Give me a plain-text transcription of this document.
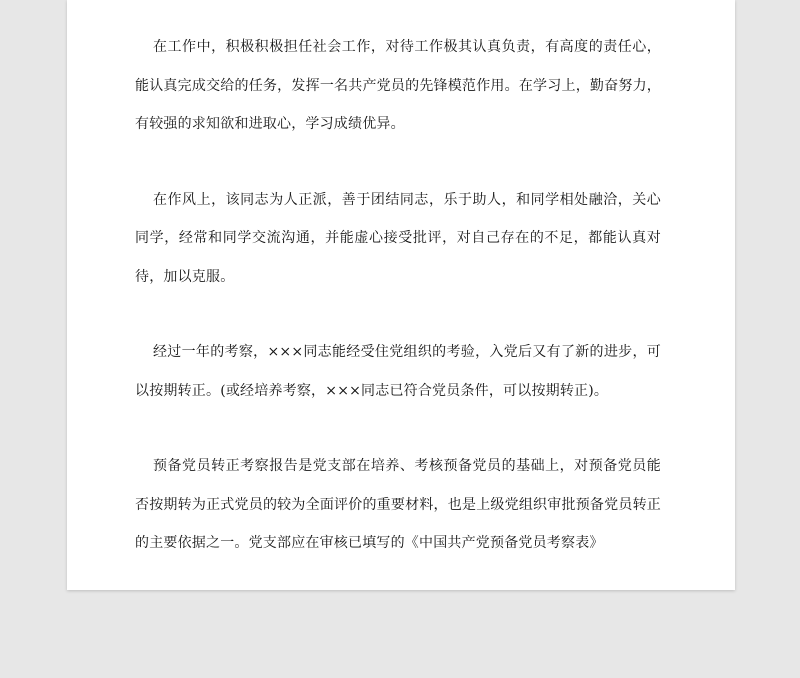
在工作中，积极积极担任社会工作，对待工作极其认真负责，有高度的责任心，能认真完成交给的任务，发挥一名共产党员的先锋模范作用。在学习上，勤奋努力，有较强的求知欲和进取心，学习成绩优异。

在作风上，该同志为人正派，善于团结同志，乐于助人，和同学相处融洽，关心同学，经常和同学交流沟通，并能虚心接受批评，对自己存在的不足，都能认真对待，加以克服。

经过一年的考察，×××同志能经受住党组织的考验，入党后又有了新的进步，可以按期转正。(或经培养考察，×××同志已符合党员条件，可以按期转正)。

预备党员转正考察报告是党支部在培养、考核预备党员的基础上，对预备党员能否按期转为正式党员的较为全面评价的重要材料，也是上级党组织审批预备党员转正的主要依据之一。党支部应在审核已填写的《中国共产党预备党员考察表》
